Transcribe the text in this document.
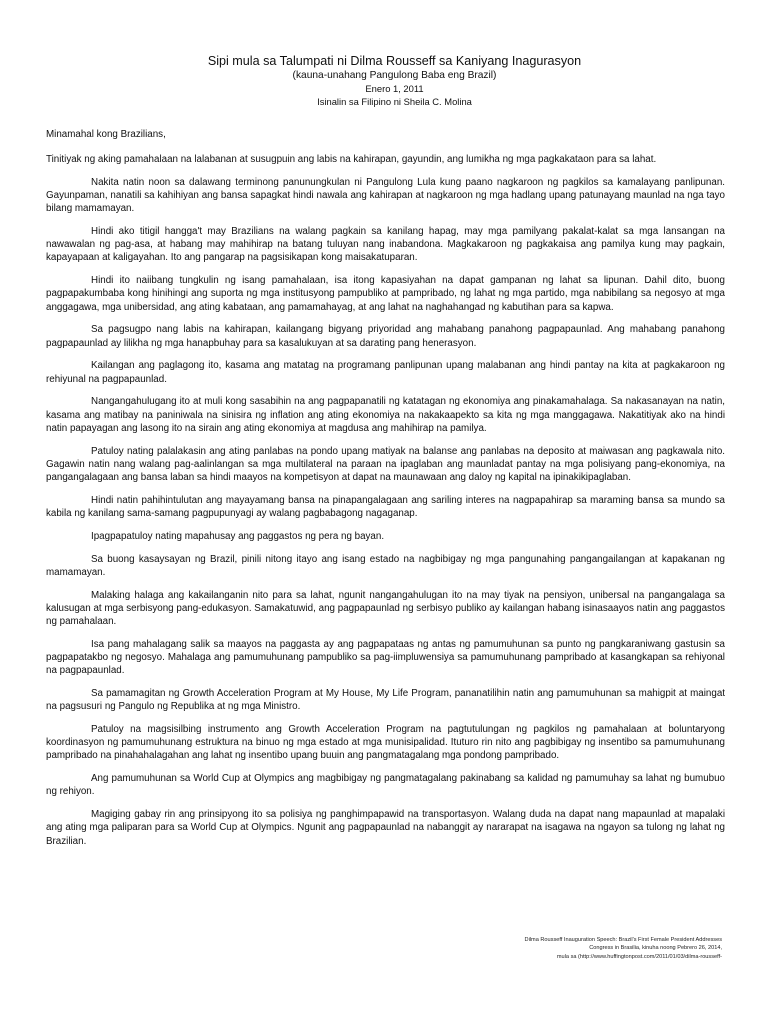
Sipi mula sa Talumpati ni Dilma Rousseff sa Kaniyang Inagurasyon
(kauna-unahang Pangulong Baba eng Brazil)
Enero 1, 2011
Isinalin sa Filipino ni Sheila C. Molina
Minamahal kong Brazilians,

Tinitiyak ng aking pamahalaan na lalabanan at susugpuin ang labis na kahirapan, gayundin, ang lumikha ng mga pagkakataon para sa lahat.

Nakita natin noon sa dalawang terminong panunungkulan ni Pangulong Lula kung paano nagkaroon ng pagkilos sa kamalayang panlipunan. Gayunpaman, nanatili sa kahihiyan ang bansa sapagkat hindi nawala ang kahirapan at nagkaroon ng mga hadlang upang patunayang maunlad na nga tayo bilang mamamayan.

Hindi ako titigil hangga't may Brazilians na walang pagkain sa kanilang hapag, may mga pamilyang pakalat-kalat sa mga lansangan na nawawalan ng pag-asa, at habang may mahihirap na batang tuluyan nang inabandona. Magkakaroon ng pagkakaisa ang pamilya kung may pagkain, kapayapaan at kaligayahan. Ito ang pangarap na pagsisikapan kong maisakatuparan.

Hindi ito naiibang tungkulin ng isang pamahalaan, isa itong kapasiyahan na dapat gampanan ng lahat sa lipunan. Dahil dito, buong pagpapakumbaba kong hinihingi ang suporta ng mga institusyong pampubliko at pampribado, ng lahat ng mga partido, mga nabibilang sa negosyo at mga anggagawa, mga unibersidad, ang ating kabataan, ang pamamahayag, at ang lahat na naghahangad ng kabutihan para sa kapwa.

Sa pagsugpo nang labis na kahirapan, kailangang bigyang priyoridad ang mahabang panahong pagpapaunlad. Ang mahabang panahong pagpapaunlad ay lilikha ng mga hanapbuhay para sa kasalukuyan at sa darating pang henerasyon.

Kailangan ang paglagong ito, kasama ang matatag na programang panlipunan upang malabanan ang hindi pantay na kita at pagkakaroon ng rehiyunal na pagpapaunlad.

Nangangahulugang ito at muli kong sasabihin na ang pagpapanatili ng katatagan ng ekonomiya ang pinakamahalaga. Sa nakasanayan na natin, kasama ang matibay na paniniwala na sinisira ng inflation ang ating ekonomiya na nakakaapekto sa kita ng mga manggagawa. Nakatitiyak ako na hindi natin papayagan ang lasong ito na sirain ang ating ekonomiya at magdusa ang mahihirap na pamilya.

Patuloy nating palalakasin ang ating panlabas na pondo upang matiyak na balanse ang panlabas na deposito at maiwasan ang pagkawala nito. Gagawin natin nang walang pag-aalinlangan sa mga multilateral na paraan na ipaglaban ang maunladat pantay na mga polisiyang pang-ekonomiya, na pangangalagaan ang bansa laban sa hindi maayos na kompetisyon at dapat na maunawaan ang daloy ng kapital na ipinakikipaglaban.

Hindi natin pahihintulutan ang mayayamang bansa na pinapangalagaan ang sariling interes na nagpapahirap sa maraming bansa sa mundo sa kabila ng kanilang sama-samang pagpupunyagi ay walang pagbabagong nagaganap.

Ipagpapatuloy nating mapahusay ang paggastos ng pera ng bayan.

Sa buong kasaysayan ng Brazil, pinili nitong itayo ang isang estado na nagbibigay ng mga pangunahing pangangailangan at kapakanan ng mamamayan.

Malaking halaga ang kakailanganin nito para sa lahat, ngunit nangangahulugan ito na may tiyak na pensiyon, unibersal na pangangalaga sa kalusugan at mga serbisyong pang-edukasyon. Samakatuwid, ang pagpapaunlad ng serbisyo publiko ay kailangan habang isinasaayos natin ang paggastos ng pamahalaan.

Isa pang mahalagang salik sa maayos na paggasta ay ang pagpapataas ng antas ng pamumuhunan sa punto ng pangkaraniwang gastusin sa pagpapatakbo ng negosyo. Mahalaga ang pamumuhunang pampubliko sa pag-iimpluwensiya sa pamumuhunang pampribado at kasangkapan sa rehiyonal na pagpapaunlad.

Sa pamamagitan ng Growth Acceleration Program at My House, My Life Program, pananatilihin natin ang pamumuhunan sa mahigpit at maingat na pagsusuri ng Pangulo ng Republika at ng mga Ministro.

Patuloy na magsisilbing instrumento ang Growth Acceleration Program na pagtutulungan ng pagkilos ng pamahalaan at boluntaryong koordinasyon ng pamumuhunang estruktura na binuo ng mga estado at mga munisipalidad. Ituturo rin nito ang pagbibigay ng insentibo sa pamumuhunang pampribado na pinahahalagahan ang lahat ng insentibo upang buuin ang pangmatagalang mga pondong pampribado.

Ang pamumuhunan sa World Cup at Olympics ang magbibigay ng pangmatagalang pakinabang sa kalidad ng pamumuhay sa lahat ng bumubuo ng rehiyon.

Magiging gabay rin ang prinsipyong ito sa polisiya ng panghimpapawid na transportasyon. Walang duda na dapat nang mapaunlad at mapalaki ang ating mga paliparan para sa World Cup at Olympics. Ngunit ang pagpapaunlad na nabanggit ay nararapat na isagawa na ngayon sa tulong ng lahat ng Brazilian.

Dilma Rousseff Inauguration Speech: Brazil's First Female President Addresses
Congress in Brasilia, kinuha noong Pebrero 26, 2014,
mula sa (http://www.huffingtonpost.com/2011/01/03/dilma-rousseff-
